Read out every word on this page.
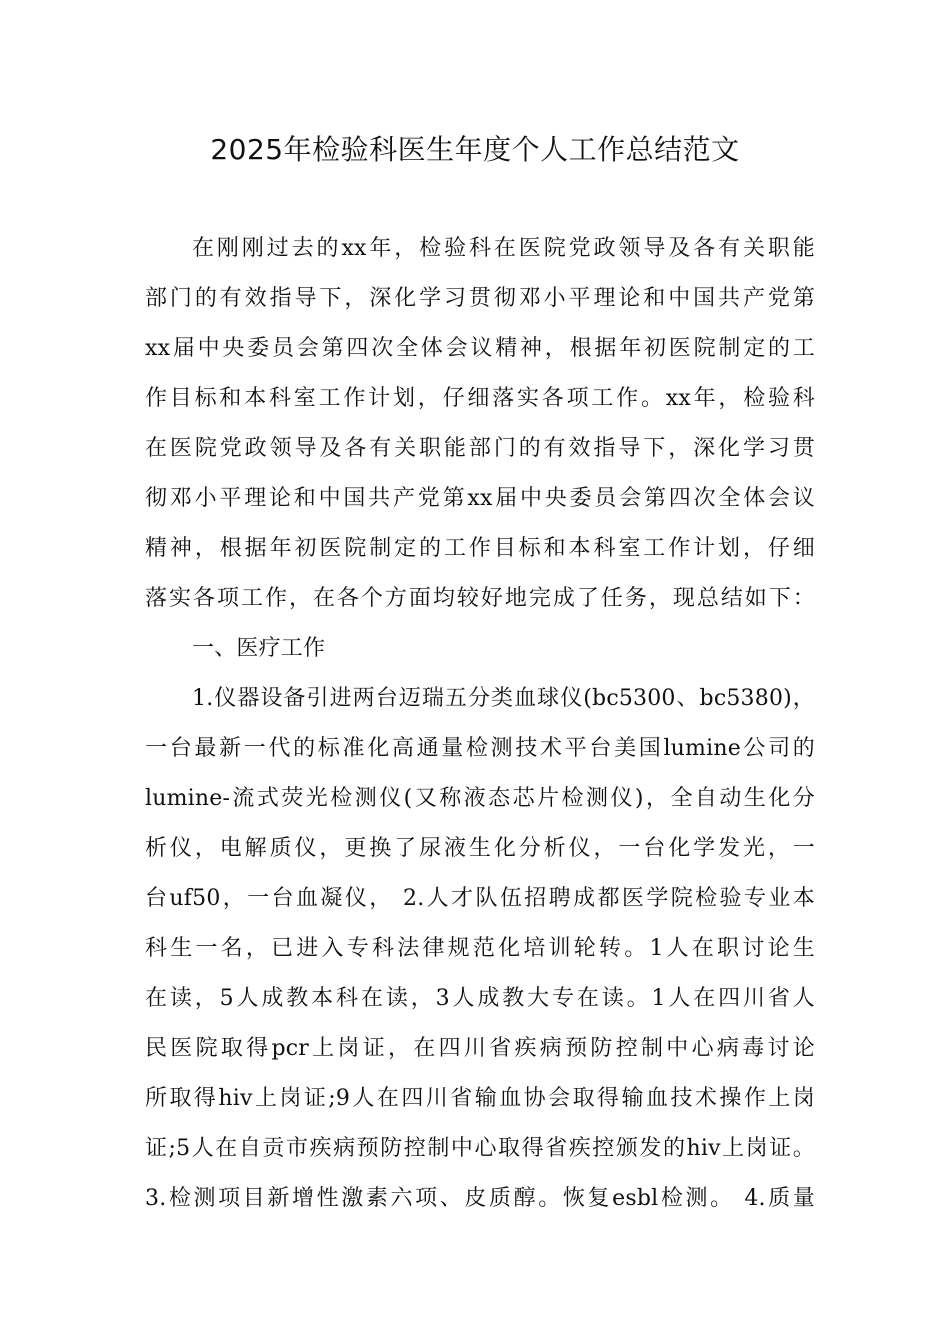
2025年检验科医生年度个人工作总结范文
在刚刚过去的xx年，检验科在医院党政领导及各有关职能
部门的有效指导下，深化学习贯彻邓小平理论和中国共产党第
xx届中央委员会第四次全体会议精神，根据年初医院制定的工
作目标和本科室工作计划，仔细落实各项工作。xx年，检验科
在医院党政领导及各有关职能部门的有效指导下，深化学习贯
彻邓小平理论和中国共产党第xx届中央委员会第四次全体会议
精神，根据年初医院制定的工作目标和本科室工作计划，仔细
落实各项工作，在各个方面均较好地完成了任务，现总结如下：
一、医疗工作
1.仪器设备引进两台迈瑞五分类血球仪(bc5300、bc5380)，
一台最新一代的标准化高通量检测技术平台美国lumine公司的
lumine-流式荧光检测仪(又称液态芯片检测仪)，全自动生化分
析仪，电解质仪，更换了尿液生化分析仪，一台化学发光，一
台uf50，一台血凝仪， 2.人才队伍招聘成都医学院检验专业本
科生一名，已进入专科法律规范化培训轮转。1人在职讨论生
在读，5人成教本科在读，3人成教大专在读。1人在四川省人
民医院取得pcr上岗证，在四川省疾病预防控制中心病毒讨论
所取得hiv上岗证;9人在四川省输血协会取得输血技术操作上岗
证;5人在自贡市疾病预防控制中心取得省疾控颁发的hiv上岗证。
3.检测项目新增性激素六项、皮质醇。恢复esbl检测。 4.质量
